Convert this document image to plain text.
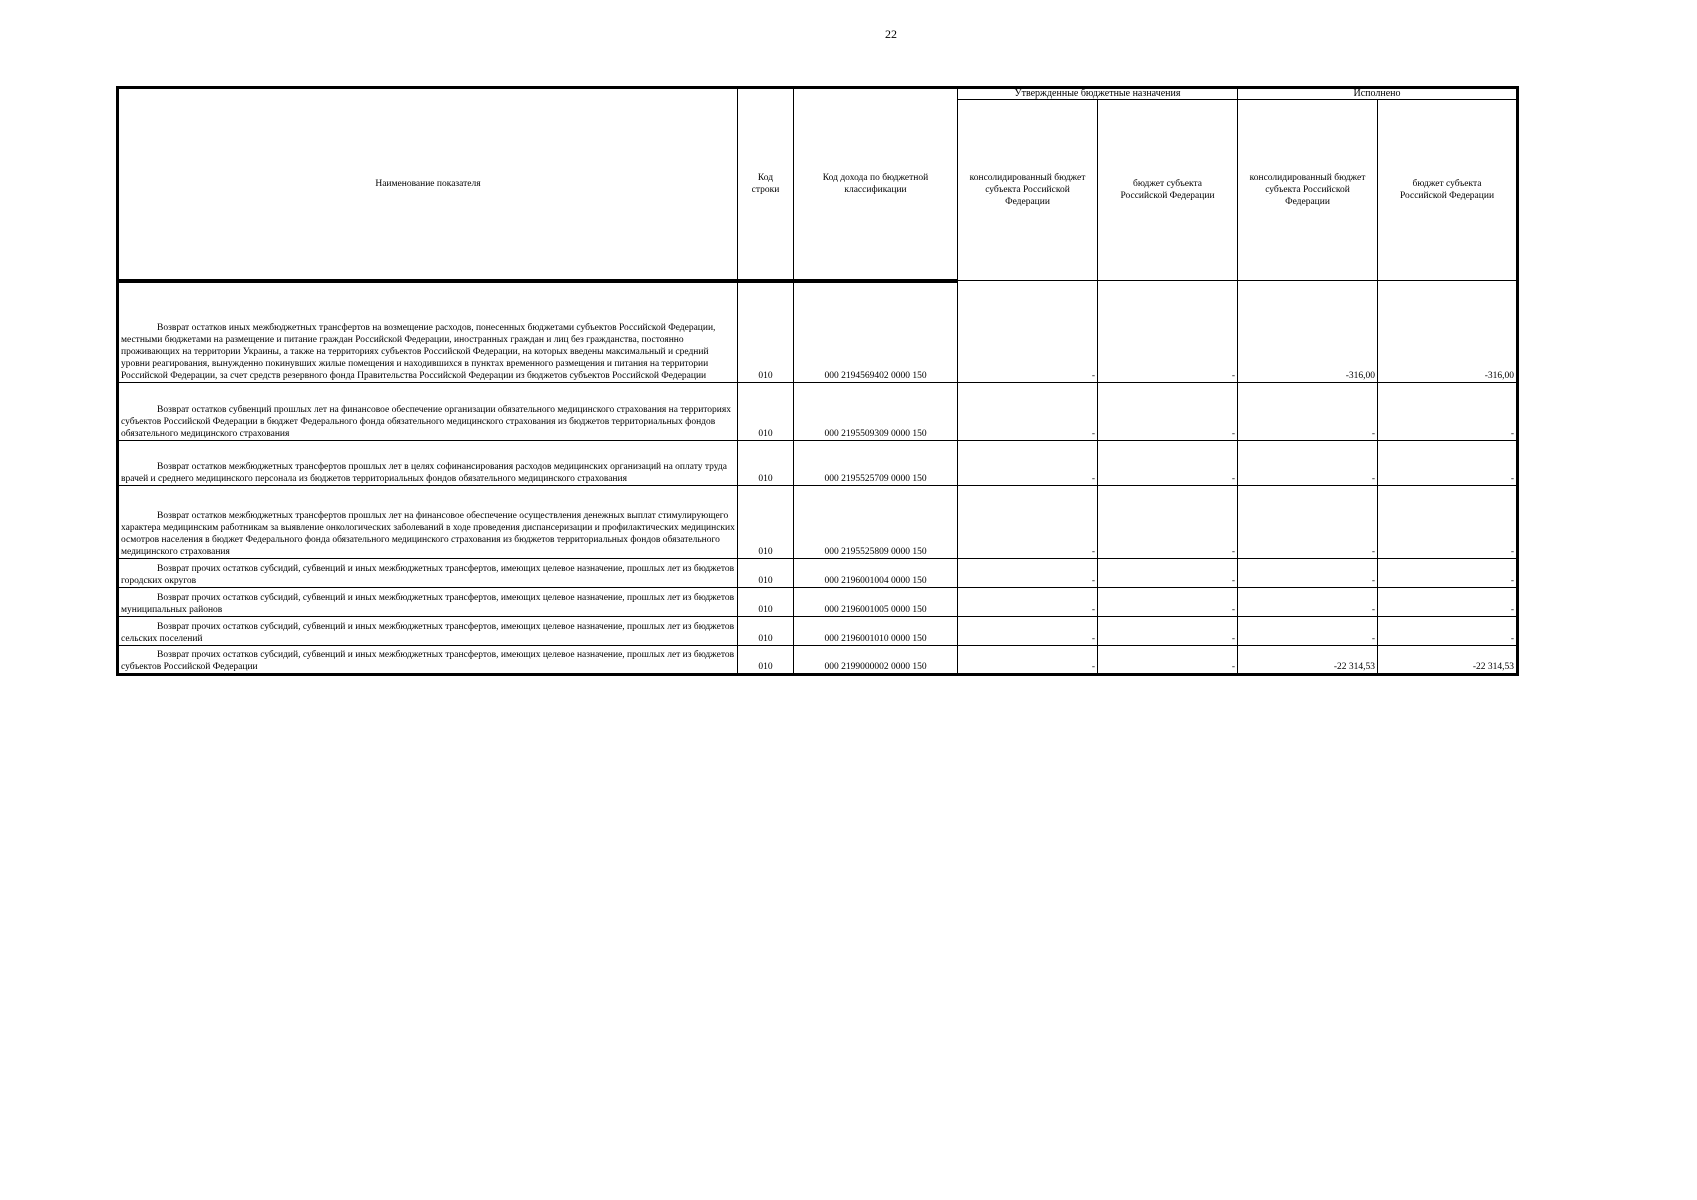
22
Наименование показателя	Код строки	Код дохода по бюджетной классификации	Утвержденные бюджетные назначения		Исполнено	
			консолидированный бюджет субъекта Российской Федерации	бюджет субъекта Российской Федерации	консолидированный бюджет субъекта Российской Федерации	бюджет субъекта Российской Федерации
Возврат остатков иных межбюджетных трансфертов на возмещение расходов, понесенных бюджетами субъектов Российской Федерации, местными бюджетами на размещение и питание граждан Российской Федерации, иностранных граждан и лиц без гражданства, постоянно проживающих на территории Украины, а также на территориях субъектов Российской Федерации, на которых введены максимальный и средний уровни реагирования, вынужденно покинувших жилые помещения и находившихся в пунктах временного размещения и питания на территории Российской Федерации, за счет средств резервного фонда Правительства Российской Федерации из бюджетов субъектов Российской Федерации	010	000 2194569402 0000 150	-	-	-316,00	-316,00
Возврат остатков субвенций прошлых лет на финансовое обеспечение организации обязательного медицинского страхования на территориях субъектов Российской Федерации в бюджет Федерального фонда обязательного медицинского страхования из бюджетов территориальных фондов обязательного медицинского страхования	010	000 2195509309 0000 150	-	-	-	-
Возврат остатков межбюджетных трансфертов прошлых лет в целях софинансирования расходов медицинских организаций на оплату труда врачей и среднего медицинского персонала из бюджетов территориальных фондов обязательного медицинского страхования	010	000 2195525709 0000 150	-	-	-	-
Возврат остатков межбюджетных трансфертов прошлых лет на финансовое обеспечение осуществления денежных выплат стимулирующего характера медицинским работникам за выявление онкологических заболеваний в ходе проведения диспансеризации и профилактических медицинских осмотров населения в бюджет Федерального фонда обязательного медицинского страхования из бюджетов территориальных фондов обязательного медицинского страхования	010	000 2195525809 0000 150	-	-	-	-
Возврат прочих остатков субсидий, субвенций и иных межбюджетных трансфертов, имеющих целевое назначение, прошлых лет из бюджетов городских округов	010	000 2196001004 0000 150	-	-	-	-
Возврат прочих остатков субсидий, субвенций и иных межбюджетных трансфертов, имеющих целевое назначение, прошлых лет из бюджетов муниципальных районов	010	000 2196001005 0000 150	-	-	-	-
Возврат прочих остатков субсидий, субвенций и иных межбюджетных трансфертов, имеющих целевое назначение, прошлых лет из бюджетов сельских поселений	010	000 2196001010 0000 150	-	-	-	-
Возврат прочих остатков субсидий, субвенций и иных межбюджетных трансфертов, имеющих целевое назначение, прошлых лет из бюджетов субъектов Российской Федерации	010	000 2199000002 0000 150	-	-	-22 314,53	-22 314,53
